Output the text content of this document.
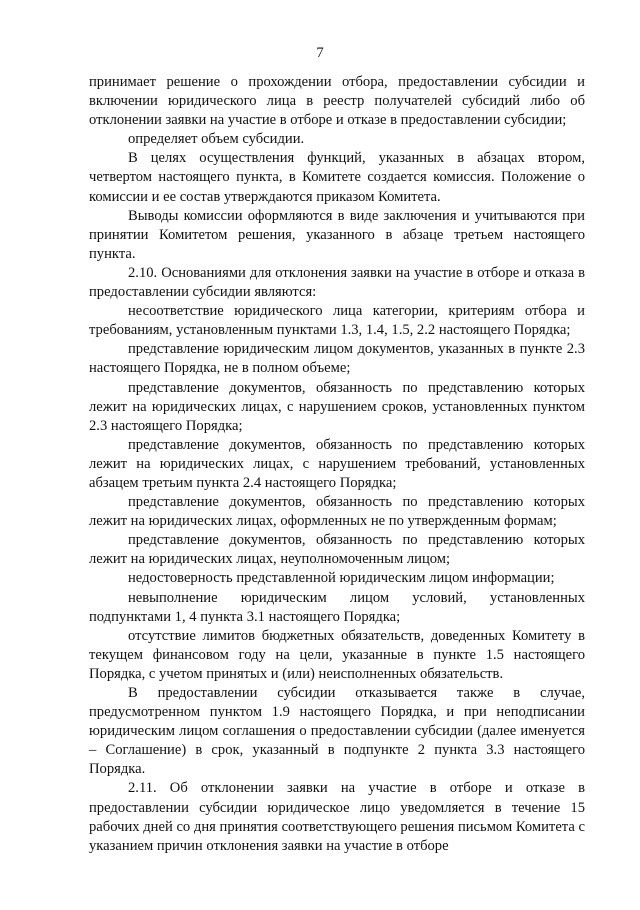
7

принимает решение о прохождении отбора, предоставлении субсидии и включении юридического лица в реестр получателей субсидий либо об отклонении заявки на участие в отборе и отказе в предоставлении субсидии;

определяет объем субсидии.

В целях осуществления функций, указанных в абзацах втором, четвертом настоящего пункта, в Комитете создается комиссия. Положение о комиссии и ее состав утверждаются приказом Комитета.

Выводы комиссии оформляются в виде заключения и учитываются при принятии Комитетом решения, указанного в абзаце третьем настоящего пункта.

2.10. Основаниями для отклонения заявки на участие в отборе и отказа в предоставлении субсидии являются:

несоответствие юридического лица категории, критериям отбора и требованиям, установленным пунктами 1.3, 1.4, 1.5, 2.2 настоящего Порядка;

представление юридическим лицом документов, указанных в пункте 2.3 настоящего Порядка, не в полном объеме;

представление документов, обязанность по представлению которых лежит на юридических лицах, с нарушением сроков, установленных пунктом 2.3 настоящего Порядка;

представление документов, обязанность по представлению которых лежит на юридических лицах, с нарушением требований, установленных абзацем третьим пункта 2.4 настоящего Порядка;

представление документов, обязанность по представлению которых лежит на юридических лицах, оформленных не по утвержденным формам;

представление документов, обязанность по представлению которых лежит на юридических лицах, неуполномоченным лицом;

недостоверность представленной юридическим лицом информации;

невыполнение юридическим лицом условий, установленных подпунктами 1, 4 пункта 3.1 настоящего Порядка;

отсутствие лимитов бюджетных обязательств, доведенных Комитету в текущем финансовом году на цели, указанные в пункте 1.5 настоящего Порядка, с учетом принятых и (или) неисполненных обязательств.

В предоставлении субсидии отказывается также в случае, предусмотренном пунктом 1.9 настоящего Порядка, и при неподписании юридическим лицом соглашения о предоставлении субсидии (далее именуется – Соглашение) в срок, указанный в подпункте 2 пункта 3.3 настоящего Порядка.

2.11. Об отклонении заявки на участие в отборе и отказе в предоставлении субсидии юридическое лицо уведомляется в течение 15 рабочих дней со дня принятия соответствующего решения письмом Комитета с указанием причин отклонения заявки на участие в отборе
